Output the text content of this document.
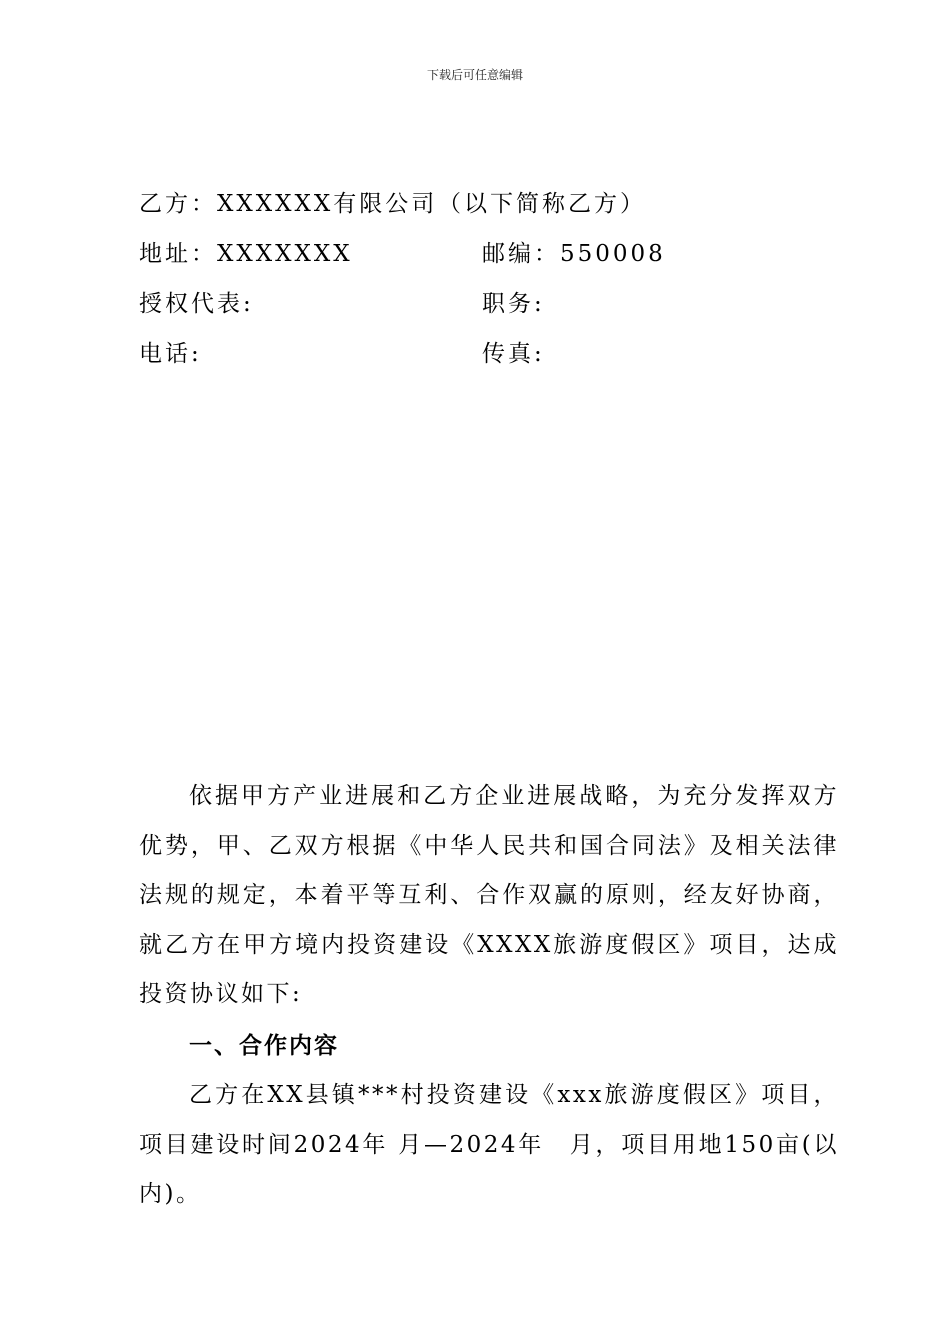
下载后可任意编辑
乙方：XXXXXX有限公司 （以下简称乙方）
地址：XXXXXXX	邮编：550008
授权代表:	职务:
电话:	传真:

依据甲方产业进展和乙方企业进展战略，为充分发挥双方优势，甲、乙双方根据《中华人民共和国合同法》及相关法律法规的规定，本着平等互利、合作双赢的原则，经友好协商，就乙方在甲方境内投资建设《XXXX旅游度假区》项目，达成投资协议如下:

一、合作内容

乙方在XX县镇***村投资建设《xxx旅游度假区》项目，项目建设时间2024年 月—2024年　月，项目用地150亩(以内)。
